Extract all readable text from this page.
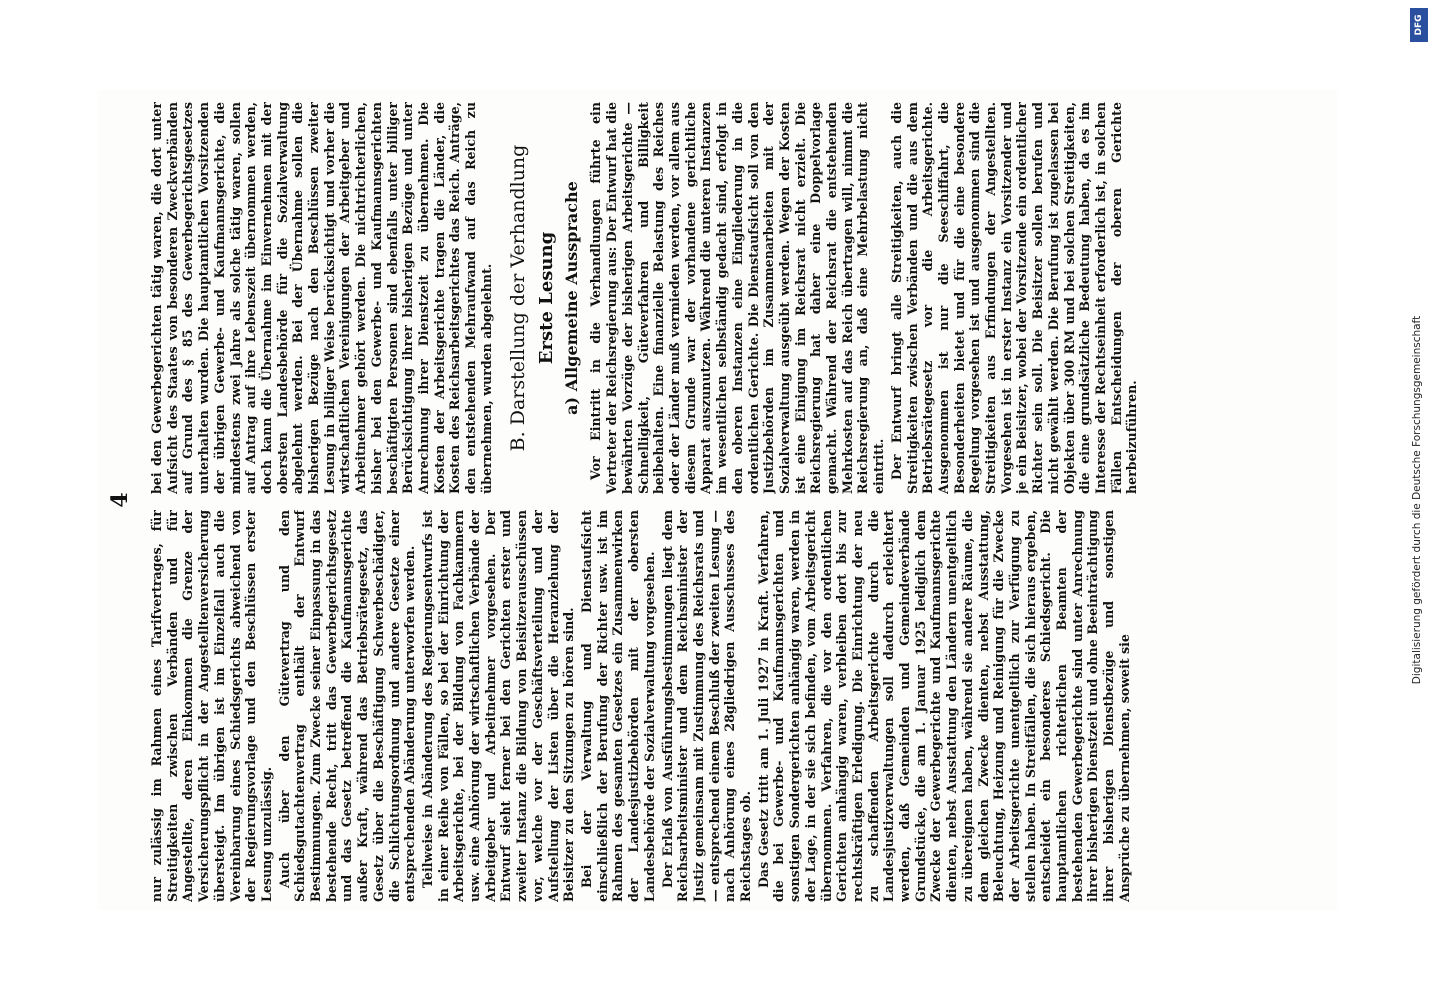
4

nur zulässig im Rahmen eines Tarifvertrages, für Streitigkeiten zwischen Verbänden und für Angestellte, deren Einkommen die Grenze der Versicherungspflicht in der Angestelltenversicherung übersteigt. Im übrigen ist im Einzelfall auch die Vereinbarung eines Schiedsgerichts abweichend von der Regierungsvorlage und den Beschlüssen erster Lesung unzulässig. Auch über den Gütevertrag und den Schiedsgutachtenvertrag enthält der Entwurf Bestimmungen. Zum Zwecke seiner Einpassung in das bestehende Recht, tritt das Gewerbegerichtsgesetz und das Gesetz betreffend die Kaufmannsgerichte außer Kraft, während das Betriebsrätegesetz, das Gesetz über die Beschäftigung Schwerbeschädigter, die Schlichtungsordnung und andere Gesetze einer entsprechenden Abänderung unterworfen werden. Teilweise in Abänderung des Regierungsentwurfs ist in einer Reihe von Fällen, so bei der Einrichtung der Arbeitsgerichte, bei der Bildung von Fachkammern usw. eine Anhörung der wirtschaftlichen Verbände der Arbeitgeber und Arbeitnehmer vorgesehen. Der Entwurf sieht ferner bei den Gerichten erster und zweiter Instanz die Bildung von Beisitzerausschüssen vor, welche vor der Geschäftsverteilung und der Aufstellung der Listen über die Heranziehung der Beisitzer zu den Sitzungen zu hören sind. Bei der Verwaltung und Dienstaufsicht einschließlich der Berufung der Richter usw. ist im Rahmen des gesamten Gesetzes ein Zusammenwirken der Landesjustizbehörden mit der obersten Landesbehörde der Sozialverwaltung vorgesehen. Der Erlaß von Ausführungsbestimmungen liegt dem Reichsarbeitsminister und dem Reichsminister der Justiz gemeinsam mit Zustimmung des Reichsrats und — entsprechend einem Beschluß der zweiten Lesung — nach Anhörung eines 28gliedrigen Ausschusses des Reichstages ob. Das Gesetz tritt am 1. Juli 1927 in Kraft. Verfahren, die bei Gewerbe- und Kaufmannsgerichten und sonstigen Sondergerichten anhängig waren, werden in der Lage, in der sie sich befinden, vom Arbeitsgericht übernommen. Verfahren, die vor den ordentlichen Gerichten anhängig waren, verbleiben dort bis zur rechtskräftigen Erledigung. Die Einrichtung der neu zu schaffenden Arbeitsgerichte durch die Landesjustizverwaltungen soll dadurch erleichtert werden, daß Gemeinden und Gemeindeverbände Grundstücke, die am 1. Januar 1925 lediglich dem Zwecke der Gewerbegerichte und Kaufmannsgerichte dienten, nebst Ausstattung den Ländern unentgeltlich zu übereignen haben, während sie andere Räume, die dem gleichen Zwecke dienten, nebst Ausstattung, Beleuchtung, Heizung und Reinigung für die Zwecke der Arbeitsgerichte unentgeltlich zur Verfügung zu stellen haben. In Streitfällen, die sich hieraus ergeben, entscheidet ein besonderes Schiedsgericht. Die hauptamtlichen richterlichen Beamten der bestehenden Gewerbegerichte sind unter Anrechnung ihrer bisherigen Dienstzeit und ohne Beeinträchtigung ihrer bisherigen Dienstbezüge und sonstigen Ansprüche zu übernehmen, soweit sie

bei den Gewerbegerichten tätig waren, die dort unter Aufsicht des Staates von besonderen Zweckverbänden auf Grund des § 85 des Gewerbegerichtsgesetzes unterhalten wurden. Die hauptamtlichen Vorsitzenden der übrigen Gewerbe- und Kaufmannsgerichte, die mindestens zwei Jahre als solche tätig waren, sollen auf Antrag auf ihre Lebenszeit übernommen werden, doch kann die Übernahme im Einvernehmen mit der obersten Landesbehörde für die Sozialverwaltung abgelehnt werden. Bei der Übernahme sollen die bisherigen Bezüge nach den Beschlüssen zweiter Lesung in billiger Weise berücksichtigt und vorher die wirtschaftlichen Vereinigungen der Arbeitgeber und Arbeitnehmer gehört werden. Die nichtrichterlichen, bisher bei den Gewerbe- und Kaufmannsgerichten beschäftigten Personen sind ebenfalls unter billiger Berücksichtigung ihrer bisherigen Bezüge und unter Anrechnung ihrer Dienstzeit zu übernehmen. Die Kosten der Arbeitsgerichte tragen die Länder, die Kosten des Reichsarbeitsgerichtes das Reich. Anträge, den entstehenden Mehraufwand auf das Reich zu übernehmen, wurden abgelehnt. B. Darstellung der Verhandlung Erste Lesung a) Allgemeine Aussprache Vor Eintritt in die Verhandlungen führte ein Vertreter der Reichsregierung aus: Der Entwurf hat die bewährten Vorzüge der bisherigen Arbeitsgerichte — Schnelligkeit, Güteverfahren und Billigkeit beibehalten. Eine finanzielle Belastung des Reiches oder der Länder muß vermieden werden, vor allem aus diesem Grunde war der vorhandene gerichtliche Apparat auszunutzen. Während die unteren Instanzen im wesentlichen selbständig gedacht sind, erfolgt in den oberen Instanzen eine Eingliederung in die ordentlichen Gerichte. Die Dienstaufsicht soll von den Justizbehörden im Zusammenarbeiten mit der Sozialverwaltung ausgeübt werden. Wegen der Kosten ist eine Einigung im Reichsrat nicht erzielt. Die Reichsregierung hat daher eine Doppelvorlage gemacht. Während der Reichsrat die entstehenden Mehrkosten auf das Reich übertragen will, nimmt die Reichsregierung an, daß eine Mehrbelastung nicht eintritt. Der Entwurf bringt alle Streitigkeiten, auch die Streitigkeiten zwischen Verbänden und die aus dem Betriebsrätegesetz vor die Arbeitsgerichte. Ausgenommen ist nur die Seeschiffahrt, die Besonderheiten bietet und für die eine besondere Regelung vorgesehen ist und ausgenommen sind die Streitigkeiten aus Erfindungen der Angestellten. Vorgesehen ist in erster Instanz ein Vorsitzender und je ein Beisitzer, wobei der Vorsitzende ein ordentlicher Richter sein soll. Die Beisitzer sollen berufen und nicht gewählt werden. Die Berufung ist zugelassen bei Objekten über 300 RM und bei solchen Streitigkeiten, die eine grundsätzliche Bedeutung haben, da es im Interesse der Rechtseinheit erforderlich ist, in solchen Fällen Entscheidungen der oberen Gerichte herbeizuführen.	Digitalisierung gefördert durch die Deutsche Forschungsgemeinschaft
DFG
